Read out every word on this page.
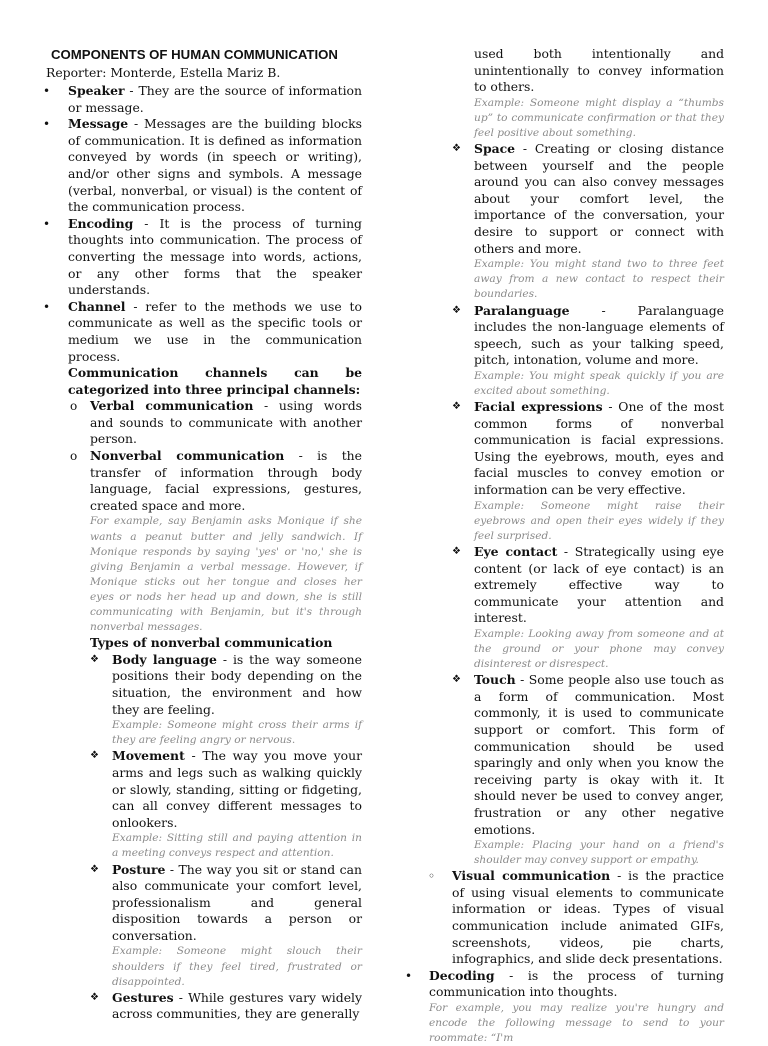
COMPONENTS OF HUMAN COMMUNICATION
Reporter: Monterde, Estella Mariz B.
• Speaker - They are the source of information or message.
• Message - Messages are the building blocks of communication. It is defined as information conveyed by words (in speech or writing), and/or other signs and symbols. A message (verbal, nonverbal, or visual) is the content of the communication process.
• Encoding - It is the process of turning thoughts into communication. The process of converting the message into words, actions, or any other forms that the speaker understands.
• Channel - refer to the methods we use to communicate as well as the specific tools or medium we use in the communication process.
Communication channels can be categorized into three principal channels:
o Verbal communication - using words and sounds to communicate with another person.
o Nonverbal communication - is the transfer of information through body language, facial expressions, gestures, created space and more.
For example, say Benjamin asks Monique if she wants a peanut butter and jelly sandwich. If Monique responds by saying 'yes' or 'no,' she is giving Benjamin a verbal message. However, if Monique sticks out her tongue and closes her eyes or nods her head up and down, she is still communicating with Benjamin, but it's through nonverbal messages.
Types of nonverbal communication
❖ Body language - is the way someone positions their body depending on the situation, the environment and how they are feeling.
Example: Someone might cross their arms if they are feeling angry or nervous.
❖ Movement - The way you move your arms and legs such as walking quickly or slowly, standing, sitting or fidgeting, can all convey different messages to onlookers.
Example: Sitting still and paying attention in a meeting conveys respect and attention.
❖ Posture - The way you sit or stand can also communicate your comfort level, professionalism and general disposition towards a person or conversation.
Example: Someone might slouch their shoulders if they feel tired, frustrated or disappointed.
❖ Gestures - While gestures vary widely across communities, they are generally
used both intentionally and unintentionally to convey information to others.
Example: Someone might display a “thumbs up” to communicate confirmation or that they feel positive about something.
❖ Space - Creating or closing distance between yourself and the people around you can also convey messages about your comfort level, the importance of the conversation, your desire to support or connect with others and more.
Example: You might stand two to three feet away from a new contact to respect their boundaries.
❖ Paralanguage - Paralanguage includes the non-language elements of speech, such as your talking speed, pitch, intonation, volume and more.
Example: You might speak quickly if you are excited about something.
❖ Facial expressions - One of the most common forms of nonverbal communication is facial expressions. Using the eyebrows, mouth, eyes and facial muscles to convey emotion or information can be very effective.
Example: Someone might raise their eyebrows and open their eyes widely if they feel surprised.
❖ Eye contact - Strategically using eye content (or lack of eye contact) is an extremely effective way to communicate your attention and interest.
Example: Looking away from someone and at the ground or your phone may convey disinterest or disrespect.
❖ Touch - Some people also use touch as a form of communication. Most commonly, it is used to communicate support or comfort. This form of communication should be used sparingly and only when you know the receiving party is okay with it. It should never be used to convey anger, frustration or any other negative emotions.
Example: Placing your hand on a friend's shoulder may convey support or empathy.
◦ Visual communication - is the practice of using visual elements to communicate information or ideas. Types of visual communication include animated GIFs, screenshots, videos, pie charts, infographics, and slide deck presentations.
• Decoding - is the process of turning communication into thoughts.
For example, you may realize you're hungry and encode the following message to send to your roommate: “I'm
